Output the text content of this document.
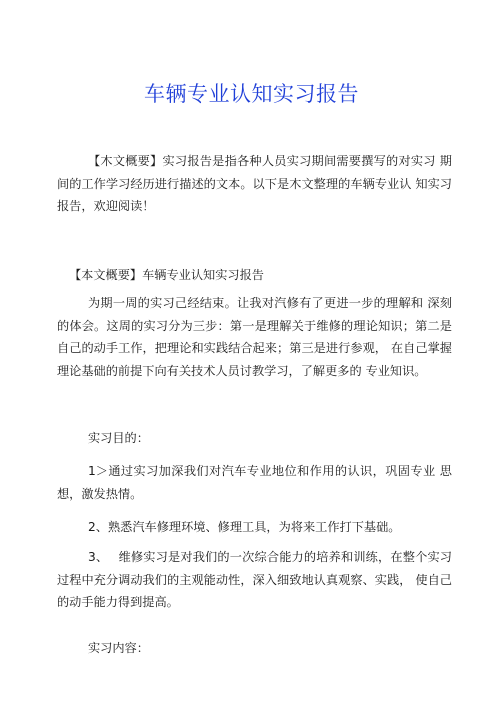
车辆专业认知实习报告

【木文概要】实习报告是指各种人员实习期间需要撰写的对实习 期间的工作学习经历进行描述的文本。以下是木文整理的车辆专业认 知实习报告，欢迎阅读！

【本文概要】车辆专业认知实习报告

为期一周的实习己经结束。让我对汽修有了更进一步的理解和 深刻的体会。这周的实习分为三步：第一是理解关于维修的理论知识；第二是自己的动手工作，把理论和实践结合起来；第三是进行参观， 在自己掌握理论基础的前提下向有关技术人员讨教学习，了解更多的 专业知识。

实习目的：

1＞通过实习加深我们对汽车专业地位和作用的认识，巩固专业 思想，激发热情。

2、熟悉汽车修理环境、修理工具，为将来工作打下基础。

3、　 维修实习是对我们的一次综合能力的培养和训练，在整个实习过程中充分调动我们的主观能动性，深入细致地认真观察、实践， 使自己的动手能力得到提高。

实习内容：
